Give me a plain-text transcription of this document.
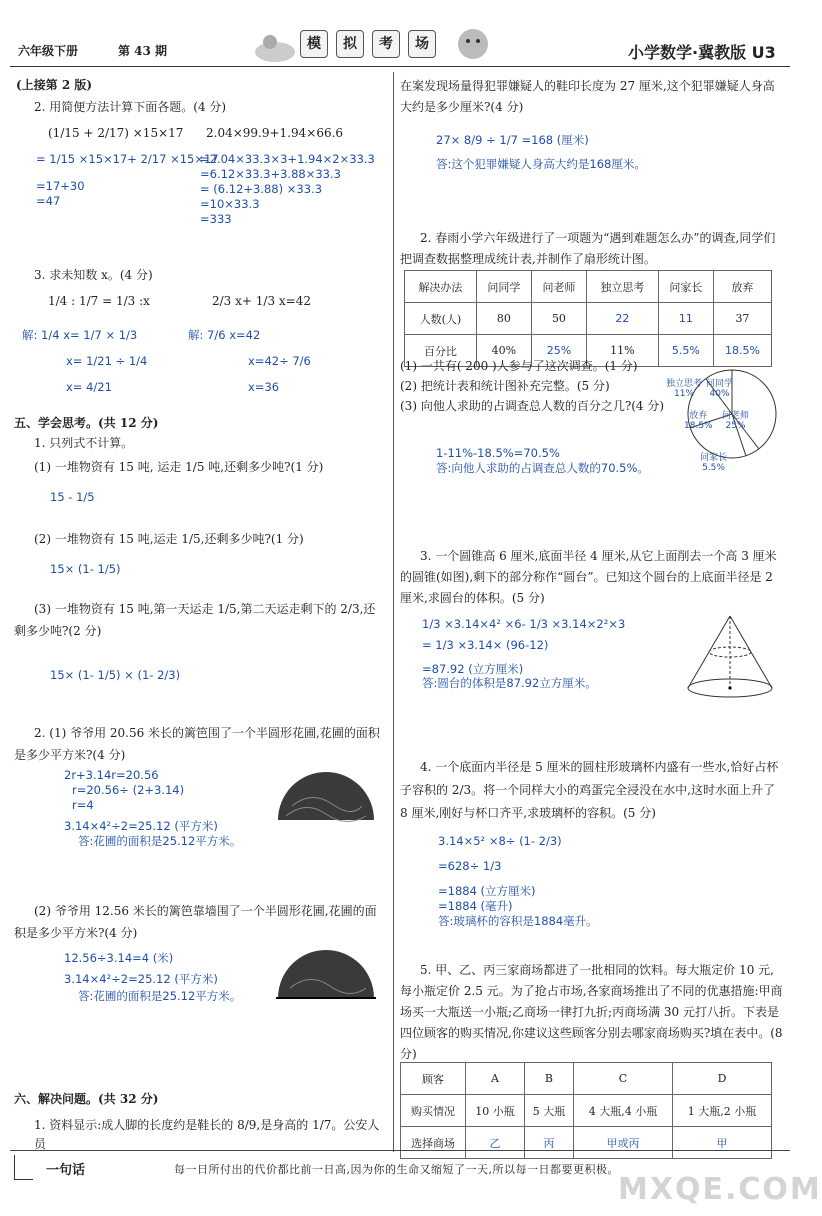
六年级下册	第 43 期	模 拟 考 场	小学数学·冀教版 U3
(上接第 2 版)
2. 用简便方法计算下面各题。(4 分)
(1/15 + 2/17) ×15×17 2.04×99.9+1.94×66.6
= 1/15 ×15×17+ 2/17 ×15×17
=17+30
=47
=2.04×33.3×3+1.94×2×33.3
=6.12×33.3+3.88×33.3
= (6.12+3.88) ×33.3
=10×33.3
=333
3. 求未知数 x。(4 分)
1/4 : 1/7 = 1/3 :x	2/3 x+ 1/3 x=42
解: 1/4 x= 1/7 × 1/3
x= 1/21 ÷ 1/4
x= 4/21
解: 7/6 x=42
x=42÷ 7/6
x=36
五、学会思考。(共 12 分)
1. 只列式不计算。
(1) 一堆物资有 15 吨, 运走 1/5 吨,还剩多少吨?(1 分)
15 - 1/5
(2) 一堆物资有 15 吨,运走 1/5,还剩多少吨?(1 分)
15× (1- 1/5)
(3) 一堆物资有 15 吨,第一天运走 1/5,第二天运走剩下的 2/3,还剩多少吨?(2 分)
15× (1- 1/5) × (1- 2/3)
2. (1) 爷爷用 20.56 米长的篱笆围了一个半圆形花圃,花圃的面积是多少平方米?(4 分)
2r+3.14r=20.56
r=20.56÷ (2+3.14)
r=4
3.14×4²÷2=25.12 (平方米)
答:花圃的面积是25.12平方米。
(2) 爷爷用 12.56 米长的篱笆靠墙围了一个半圆形花圃,花圃的面积是多少平方米?(4 分)
12.56÷3.14=4 (米)
3.14×4²÷2=25.12 (平方米)
答:花圃的面积是25.12平方米。
六、解决问题。(共 32 分)
1. 资料显示:成人脚的长度约是鞋长的 8/9,是身高的 1/7。公安人员
在案发现场量得犯罪嫌疑人的鞋印长度为 27 厘米,这个犯罪嫌疑人身高大约是多少厘米?(4 分)
27× 8/9 ÷ 1/7 =168 (厘米)
答:这个犯罪嫌疑人身高大约是168厘米。
2. 春雨小学六年级进行了一项题为“遇到难题怎么办”的调查,同学们把调查数据整理成统计表,并制作了扇形统计图。
解决办法	问同学	问老师	独立思考	问家长	放弃
人数(人)	80	50	22	11	37
百分比	40%	25%	11%	5.5%	18.5%
(1) 一共有( 200 )人参与了这次调查。(1 分)
(2) 把统计表和统计图补充完整。(5 分)
(3) 向他人求助的占调查总人数的百分之几?(4 分)
问同学
40%
问老师
25%
放弃
18.5%
独立思考
11%
问家长
5.5%
1-11%-18.5%=70.5%
答:向他人求助的占调查总人数的70.5%。
3. 一个圆锥高 6 厘米,底面半径 4 厘米,从它上面削去一个高 3 厘米的圆锥(如图),剩下的部分称作“圆台”。已知这个圆台的上底面半径是 2 厘米,求圆台的体积。(5 分)
1/3 ×3.14×4² ×6- 1/3 ×3.14×2²×3
= 1/3 ×3.14× (96-12)
=87.92 (立方厘米)
答:圆台的体积是87.92立方厘米。
4. 一个底面内半径是 5 厘米的圆柱形玻璃杯内盛有一些水,恰好占杯子容积的 2/3。将一个同样大小的鸡蛋完全浸没在水中,这时水面上升了 8 厘米,刚好与杯口齐平,求玻璃杯的容积。(5 分)
3.14×5² ×8÷ (1- 2/3)
=628÷ 1/3
=1884 (立方厘米)
=1884 (毫升)
答:玻璃杯的容积是1884毫升。
5. 甲、乙、丙三家商场都进了一批相同的饮料。每大瓶定价 10 元,每小瓶定价 2.5 元。为了抢占市场,各家商场推出了不同的优惠措施:甲商场买一大瓶送一小瓶;乙商场一律打九折;丙商场满 30 元打八折。下表是四位顾客的购买情况,你建议这些顾客分别去哪家商场购买?填在表中。(8 分)
顾客	A	B	C	D
购买情况	10 小瓶	5 大瓶	4 大瓶,4 小瓶	1 大瓶,2 小瓶
选择商场	乙	丙	甲或丙	甲
一句话	每一日所付出的代价都比前一日高,因为你的生命又缩短了一天,所以每一日都要更积极。
MXQE.COM
